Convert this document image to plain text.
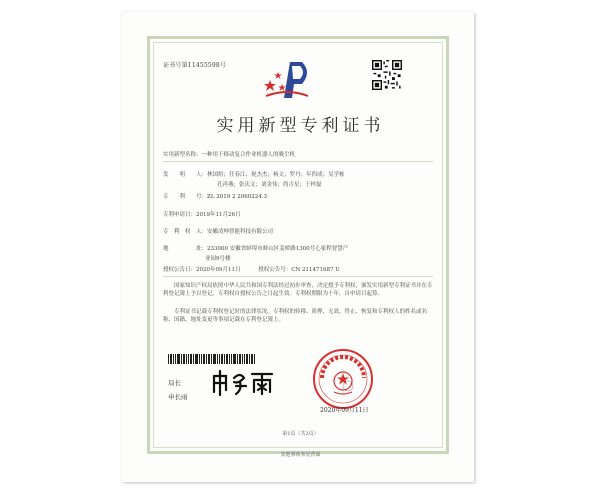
证书号第11455598号
实用新型专利证书
实用新型名称：一种用于移动复合作业机器人的吸尘机
发　　明　　人：林国煊；任春江；祝杰杰；杨文；罗丹；年四成；吴学栋
孔祥燕；张庆文；刘金伟；尚吉星；王梓磊
专　　利　　号：ZL 2019 2 2060224.3
专利申请日：2019年11月26日
专　利　权　人：安徽凌坤智能科技有限公司
地　　　　　址：233000 安徽省蚌埠市蚌山区姜桥路1300号心家程智慧产
业园9号楼
授权公告日：2020年09月11日	授权公告号：CN 211471687 U
国家知识产权局依照中华人民共和国专利法经过初步审查，决定授予专利权，颁发实用新型专利证书并在专利登记簿上予以登记。专利权自授权公告之日起生效。专利权期限为十年，自申请日起算。
专利证书记载专利权登记时的法律状况。专利权的转移、质押、无效、终止、恢复和专利权人的姓名或名称、国籍、地址变更等事项记载在专利登记簿上。
局长
申长雨
2020年09月11日
第1页（共2页）
其他事项参见背面
